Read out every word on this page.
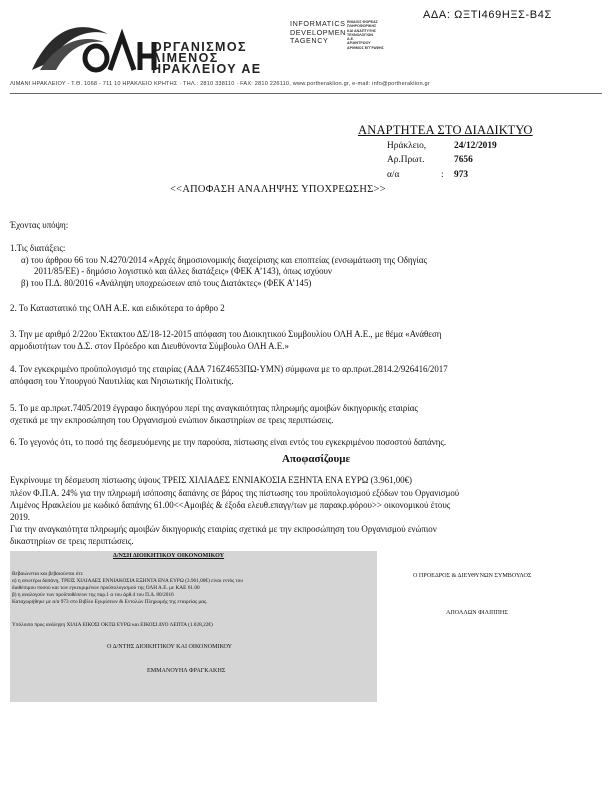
ΟΡΓΑΝΙΣΜΟΣ
ΛΙΜΕΝΟΣ
ΗΡΑΚΛΕΙΟΥ ΑΕ
INFORMATICS
DEVELOPMEN
TAGENCY
ΕΝΙΑΙΟΣ ΦΟΡΕΑΣ
ΠΛΗΡΟΦΟΡΙΚΗΣ
ΚΑΙ ΑΝΑΠΤΥΞΗΣ
ΤΕΧΝΟΛΟΓΙΩΝ
Α.Ε.
ΑΡ.ΜΗΤΡΩΟΥ
ΑΡΙΘΜΟΣ ΕΓΓΡΑΦΗΣ
ΑΔΑ: ΩΞΤΙ469ΗΞΣ-Β4Σ
ΛΙΜΑΝΙ ΗΡΑΚΛΕΙΟΥ - Τ.Θ. 1068 - 711 10 ΗΡΑΚΛΕΙΟ ΚΡΗΤΗΣ · ΤΗΛ.: 2810 338110 · FAX: 2810 226110, www.portheraklion.gr, e-mail: info@portheraklion.gr
ΑΝΑΡΤΗΤΕΑ ΣΤΟ ΔΙΑΔΙΚΤΥΟ
Ηράκλειο,	24/12/2019
Αρ.Πρωτ.	7656
α/α	: 973
<<ΑΠΟΦΑΣΗ ΑΝΑΛΗΨΗΣ ΥΠΟΧΡΕΩΣΗΣ>>
Έχοντας υπόψη:
1.Τις διατάξεις:
α) του άρθρου 66 του Ν.4270/2014 «Αρχές δημοσιονομικής διαχείρισης και εποπτείας (ενσωμάτωση της Οδηγίας
2011/85/ΕΕ) - δημόσιο λογιστικό και άλλες διατάξεις» (ΦΕΚ Α’143), όπως ισχύουν
β) του Π.Δ. 80/2016 «Ανάληψη υποχρεώσεων από τους Διατάκτες» (ΦΕΚ Α’145)
2. Το Καταστατικό της ΟΛΗ Α.Ε. και ειδικότερα το άρθρο 2
3. Την με αριθμό 2/22ου Έκτακτου ΔΣ/18-12-2015 απόφαση του Διοικητικού Συμβουλίου ΟΛΗ Α.Ε., με θέμα «Ανάθεση
αρμοδιοτήτων του Δ.Σ. στον Πρόεδρο και Διευθύνοντα Σύμβουλο ΟΛΗ Α.Ε.»
4. Τον εγκεκριμένο προϋπολογισμό της εταιρίας (ΑΔΑ 716Ζ4653ΠΩ-ΥΜΝ) σύμφωνα με το αρ.πρωτ.2814.2/926416/2017
απόφαση του Υπουργού Ναυτιλίας και Νησιωτικής Πολιτικής.
5. Το με αρ.πρωτ.7405/2019 έγγραφο δικηγόρου περί της αναγκαιότητας πληρωμής αμοιβών δικηγορικής εταιρίας
σχετικά με την εκπροσώπηση του Οργανισμού ενώπιον δικαστηρίων σε τρεις περιπτώσεις.
6. Το γεγονός ότι, το ποσό της δεσμευόμενης με την παρούσα, πίστωσης είναι εντός του εγκεκριμένου ποσοστού δαπάνης.
Αποφασίζουμε
Εγκρίνουμε τη δέσμευση πίστωσης ύψους ΤΡΕΙΣ ΧΙΛΙΑΔΕΣ ΕΝΝΙΑΚΟΣΙΑ ΕΞΗΝΤΑ ΕΝΑ ΕΥΡΩ (3.961,00€)
πλέον Φ.Π.Α. 24% για την πληρωμή ισόποσης δαπάνης σε βάρος της πίστωσης του προϋπολογισμού εξόδων του Οργανισμού
Λιμένος Ηρακλείου με κωδικό δαπάνης 61.00<<Αμοιβές & έξοδα ελευθ.επαγγ/των με παρακρ.φόρου>> οικονομικού έτους
2019.
Για την αναγκαιότητα πληρωμής αμοιβών δικηγορικής εταιρίας σχετικά με την εκπροσώπηση του Οργανισμού ενώπιον
δικαστηρίων σε τρεις περιπτώσεις.
Δ/ΝΣΗ ΔΙΟΙΚΗΤΙΚΟΥ ΟΙΚΟΝΟΜΙΚΟΥ
Βεβαιώνεται και βεβαιούνται ότι:
α) η ανωτέρω δαπάνη, ΤΡΕΙΣ ΧΙΛΙΑΔΕΣ ΕΝΝΙΑΚΟΣΙΑ ΕΞΗΝΤΑ ΕΝΑ ΕΥΡΩ (3.961,00€) είναι εντός του
διαθέσιμου ποσού και των εγκεκριμένων προϋπολογισμού της ΟΛΗ Α.Ε. με ΚΑΕ 61.00
β) η αναλογούν των προϋποθέσεων της παρ.1 α του άρθ.4 του Π.Δ. 80/2016
Καταχωρήθηκε με α/α 973 στο Βιβλίο Εγκρίσεων & Εντολών Πληρωμής της εταιρείας μας.
Υπόλοιπο προς ανάληψη ΧΙΛΙΑ ΕΙΚΟΣΙ ΟΚΤΩ ΕΥΡΩ και ΕΙΚΟΣΙ ΔΥΟ ΛΕΠΤΑ (1.028,22€)
Ο Δ/ΝΤΗΣ ΔΙΟΙΚΗΤΙΚΟΥ ΚΑΙ ΟΙΚΟΝΟΜΙΚΟΥ
ΕΜΜΑΝΟΥΗΛ ΦΡΑΓΚΑΚΗΣ
Ο ΠΡΟΕΔΡΟΣ & ΔΙΕΥΘΥΝΩΝ ΣΥΜΒΟΥΛΟΣ
ΑΠΟΛΛΩΝ ΦΙΛΙΠΠΗΣ
